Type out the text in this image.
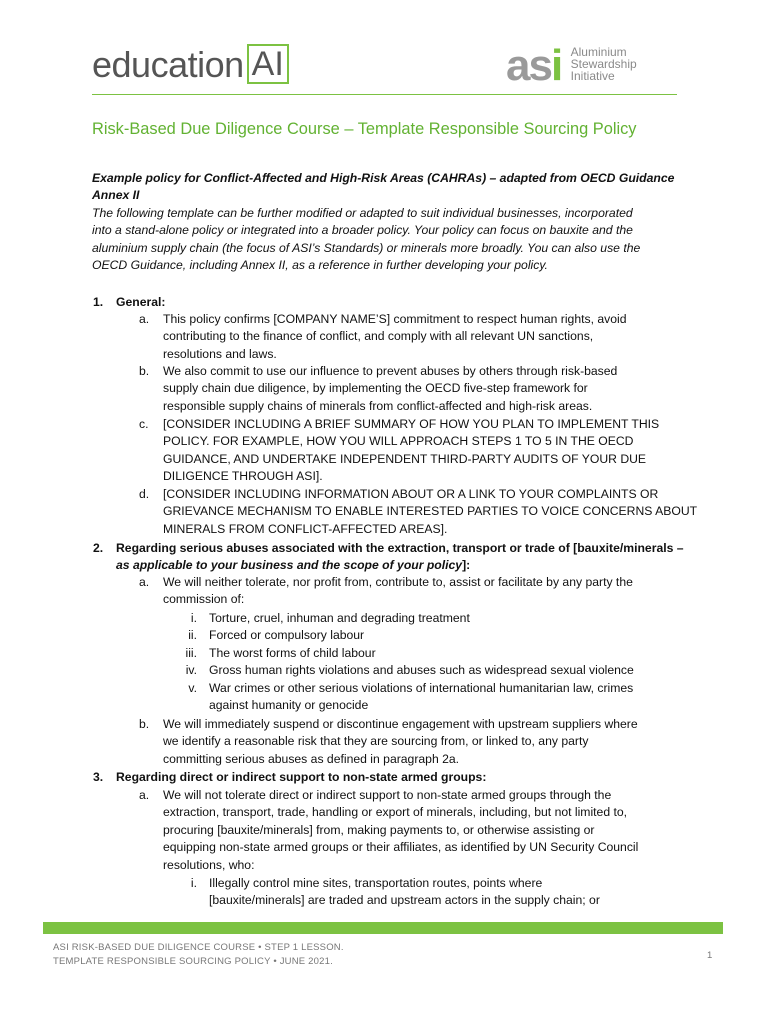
education AI	asi Aluminium
Stewardship
Initiative
Risk-Based Due Diligence Course – Template Responsible Sourcing Policy
Example policy for Conflict-Affected and High-Risk Areas (CAHRAs) – adapted from OECD Guidance
Annex II
The following template can be further modified or adapted to suit individual businesses, incorporated
into a stand-alone policy or integrated into a broader policy. Your policy can focus on bauxite and the
aluminium supply chain (the focus of ASI’s Standards) or minerals more broadly. You can also use the
OECD Guidance, including Annex II, as a reference in further developing your policy.
1. General:
a. This policy confirms [COMPANY NAME’S] commitment to respect human rights, avoid
contributing to the finance of conflict, and comply with all relevant UN sanctions,
resolutions and laws.
b. We also commit to use our influence to prevent abuses by others through risk-based
supply chain due diligence, by implementing the OECD five-step framework for
responsible supply chains of minerals from conflict-affected and high-risk areas.
c. [CONSIDER INCLUDING A BRIEF SUMMARY OF HOW YOU PLAN TO IMPLEMENT THIS
POLICY. FOR EXAMPLE, HOW YOU WILL APPROACH STEPS 1 TO 5 IN THE OECD
GUIDANCE, AND UNDERTAKE INDEPENDENT THIRD-PARTY AUDITS OF YOUR DUE
DILIGENCE THROUGH ASI].
d. [CONSIDER INCLUDING INFORMATION ABOUT OR A LINK TO YOUR COMPLAINTS OR
GRIEVANCE MECHANISM TO ENABLE INTERESTED PARTIES TO VOICE CONCERNS ABOUT
MINERALS FROM CONFLICT-AFFECTED AREAS].
2. Regarding serious abuses associated with the extraction, transport or trade of [bauxite/minerals –
as applicable to your business and the scope of your policy]:
a. We will neither tolerate, nor profit from, contribute to, assist or facilitate by any party the
commission of:
i. Torture, cruel, inhuman and degrading treatment
ii. Forced or compulsory labour
iii. The worst forms of child labour
iv. Gross human rights violations and abuses such as widespread sexual violence
v. War crimes or other serious violations of international humanitarian law, crimes
against humanity or genocide
b. We will immediately suspend or discontinue engagement with upstream suppliers where
we identify a reasonable risk that they are sourcing from, or linked to, any party
committing serious abuses as defined in paragraph 2a.
3. Regarding direct or indirect support to non-state armed groups:
a. We will not tolerate direct or indirect support to non-state armed groups through the
extraction, transport, trade, handling or export of minerals, including, but not limited to,
procuring [bauxite/minerals] from, making payments to, or otherwise assisting or
equipping non-state armed groups or their affiliates, as identified by UN Security Council
resolutions, who:
i. Illegally control mine sites, transportation routes, points where
[bauxite/minerals] are traded and upstream actors in the supply chain; or
ASI RISK-BASED DUE DILIGENCE COURSE • STEP 1 LESSON.
TEMPLATE RESPONSIBLE SOURCING POLICY • JUNE 2021.
1
